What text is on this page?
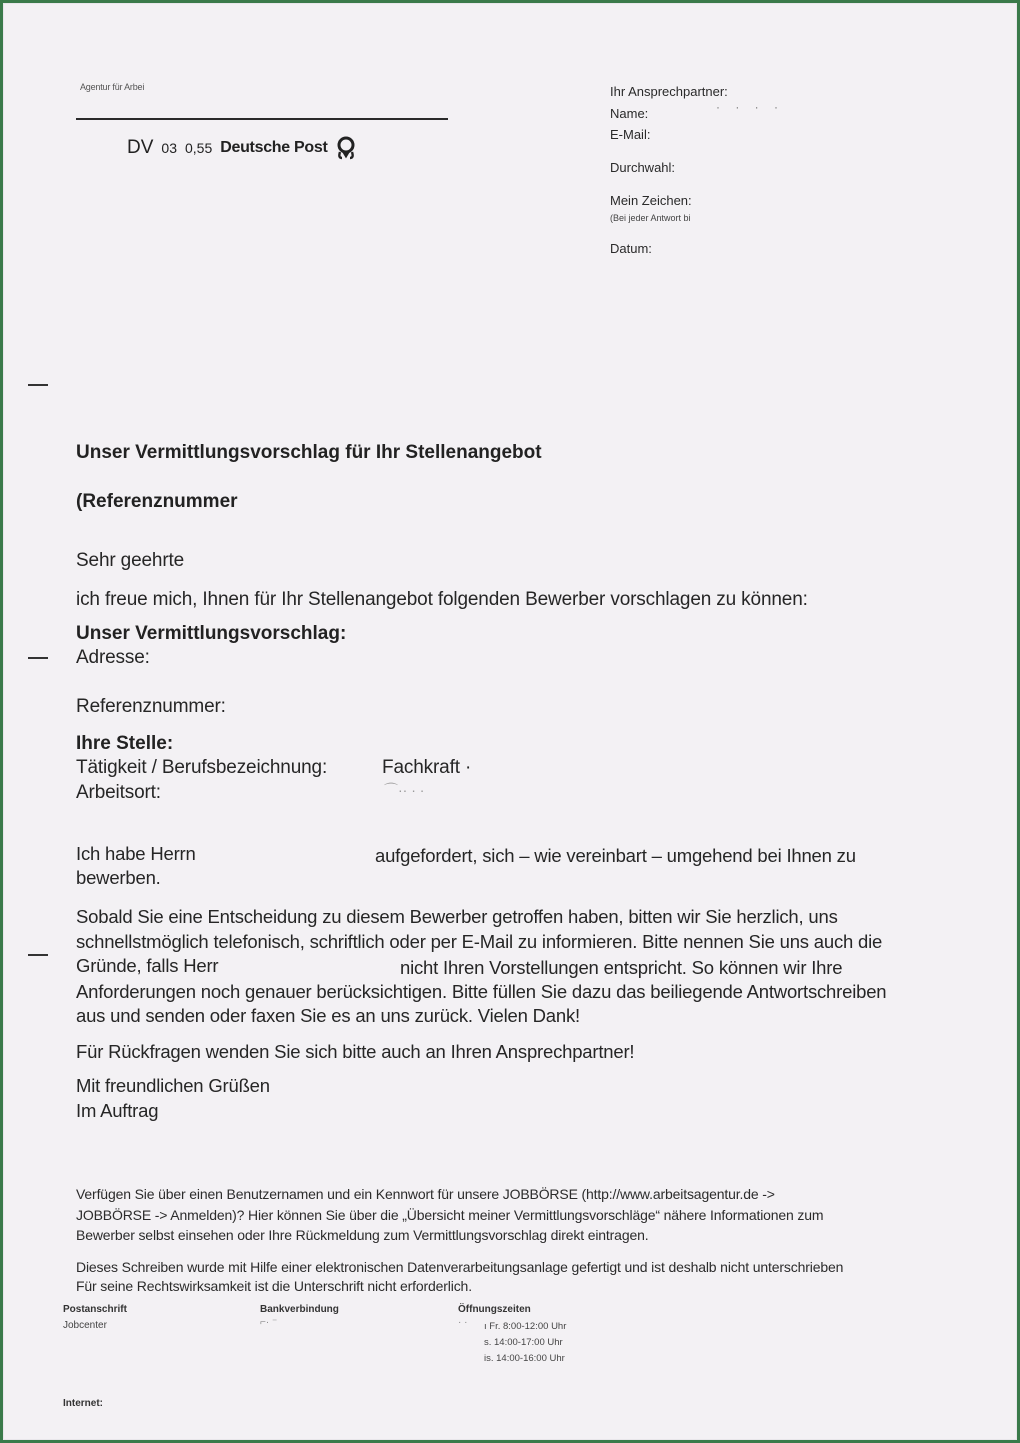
Agentur für Arbei
DV 03 0,55 Deutsche Post
Ihr Ansprechpartner:
Name:	· · · ·
E-Mail:
Durchwahl:
Mein Zeichen:
(Bei jeder Antwort bi
Datum:
Unser Vermittlungsvorschlag für Ihr Stellenangebot
(Referenznummer
Sehr geehrte
ich freue mich, Ihnen für Ihr Stellenangebot folgenden Bewerber vorschlagen zu können:
Unser Vermittlungsvorschlag:
Adresse:
Referenznummer:
Ihre Stelle:
Tätigkeit / Berufsbezeichnung:	Fachkraft ·
Arbeitsort:	⌒·· · ·
Ich habe Herrn	aufgefordert, sich – wie vereinbart – umgehend bei Ihnen zu
bewerben.
Sobald Sie eine Entscheidung zu diesem Bewerber getroffen haben, bitten wir Sie herzlich, uns
schnellstmöglich telefonisch, schriftlich oder per E-Mail zu informieren. Bitte nennen Sie uns auch die
Gründe, falls Herr	nicht Ihren Vorstellungen entspricht. So können wir Ihre
Anforderungen noch genauer berücksichtigen. Bitte füllen Sie dazu das beiliegende Antwortschreiben
aus und senden oder faxen Sie es an uns zurück. Vielen Dank!
Für Rückfragen wenden Sie sich bitte auch an Ihren Ansprechpartner!
Mit freundlichen Grüßen
Im Auftrag
Verfügen Sie über einen Benutzernamen und ein Kennwort für unsere JOBBÖRSE (http://www.arbeitsagentur.de ->
JOBBÖRSE -> Anmelden)? Hier können Sie über die „Übersicht meiner Vermittlungsvorschläge“ nähere Informationen zum
Bewerber selbst einsehen oder Ihre Rückmeldung zum Vermittlungsvorschlag direkt eintragen.
Dieses Schreiben wurde mit Hilfe einer elektronischen Datenverarbeitungsanlage gefertigt und ist deshalb nicht unterschrieben
Für seine Rechtswirksamkeit ist die Unterschrift nicht erforderlich.
Postanschrift
Jobcenter
Bankverbindung
⌐· ⁻
Öffnungszeiten
· · ı Fr. 8:00-12:00 Uhr
s. 14:00-17:00 Uhr
is. 14:00-16:00 Uhr
Internet:
